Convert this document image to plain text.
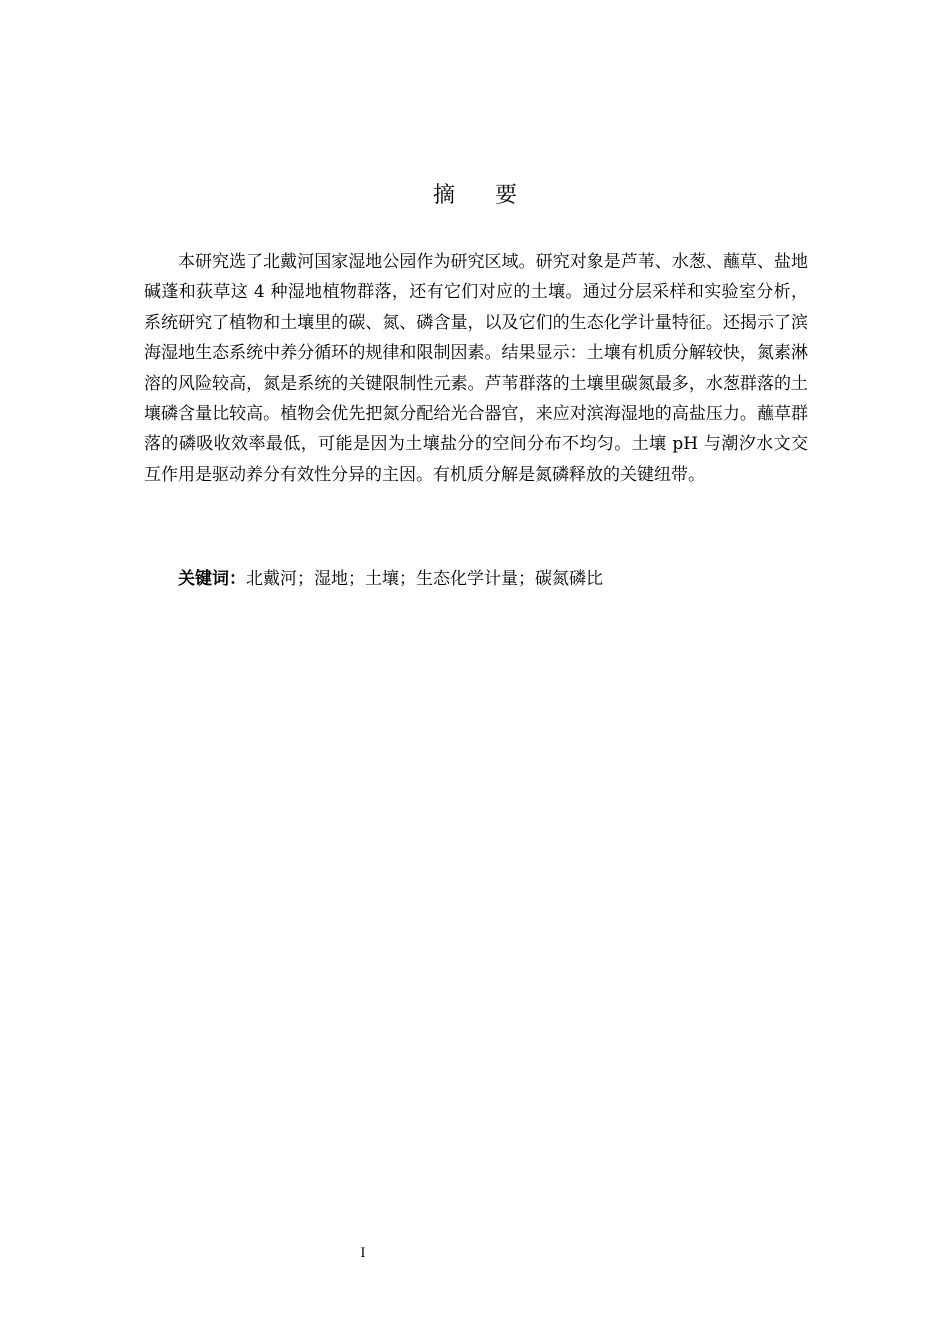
摘要

本研究选了北戴河国家湿地公园作为研究区域。研究对象是芦苇、水葱、蘸草、盐地碱蓬和荻草这 4 种湿地植物群落，还有它们对应的土壤。通过分层采样和实验室分析，系统研究了植物和土壤里的碳、氮、磷含量，以及它们的生态化学计量特征。还揭示了滨海湿地生态系统中养分循环的规律和限制因素。结果显示：土壤有机质分解较快，氮素淋溶的风险较高，氮是系统的关键限制性元素。芦苇群落的土壤里碳氮最多，水葱群落的土壤磷含量比较高。植物会优先把氮分配给光合器官，来应对滨海湿地的高盐压力。蘸草群落的磷吸收效率最低，可能是因为土壤盐分的空间分布不均匀。土壤 pH 与潮汐水文交互作用是驱动养分有效性分异的主因。有机质分解是氮磷释放的关键纽带。

关键词：北戴河；湿地；土壤；生态化学计量；碳氮磷比
I
